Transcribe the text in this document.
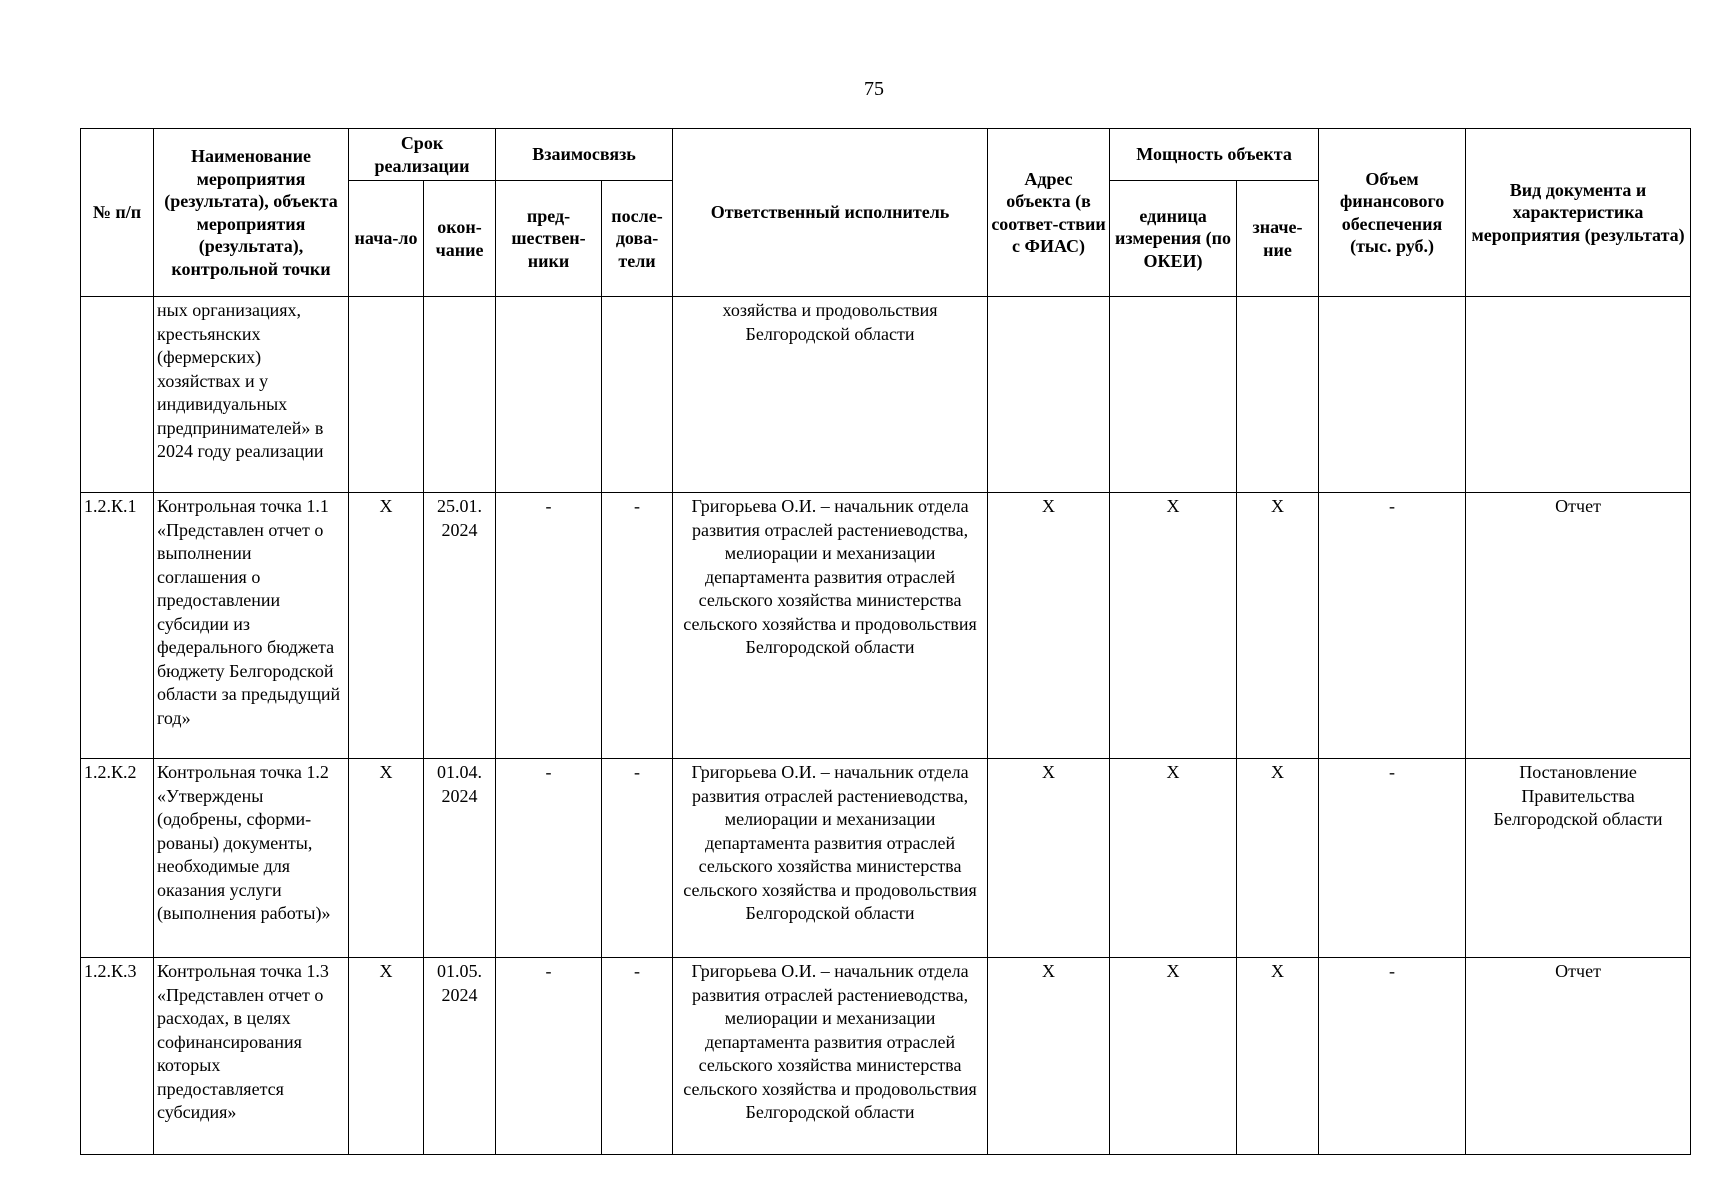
75
№ п/п	Наименование мероприятия (результата), объекта мероприятия (результата), контрольной точки	Срок реализации		Взаимосвязь		Ответственный исполнитель	Адрес объекта (в соответ-ствии с ФИАС)	Мощность объекта		Объем финансового обеспечения (тыс. руб.)	Вид документа и характеристика мероприятия (результата)
		нача-ло	окон-чание	пред-шествен-ники	после-дова-тели			единица измерения (по ОКЕИ)	значе-ние		
	ных организациях, крестьянских (фермерских) хозяйствах и у индивидуальных предпринимателей» в 2024 году реализации					хозяйства и продовольствия Белгородской области					
1.2.К.1	Контрольная точка 1.1 «Представлен отчет о выполнении соглашения о предоставлении субсидии из федерального бюджета бюджету Белгородской области за предыдущий год»	X	25.01. 2024	-	-	Григорьева О.И. – начальник отдела развития отраслей растениеводства, мелиорации и механизации департамента развития отраслей сельского хозяйства министерства сельского хозяйства и продовольствия Белгородской области	X	X	X	-	Отчет
1.2.К.2	Контрольная точка 1.2 «Утверждены (одобрены, сформи-рованы) документы, необходимые для оказания услуги (выполнения работы)»	X	01.04. 2024	-	-	Григорьева О.И. – начальник отдела развития отраслей растениеводства, мелиорации и механизации департамента развития отраслей сельского хозяйства министерства сельского хозяйства и продовольствия Белгородской области	X	X	X	-	Постановление Правительства Белгородской области
1.2.К.3	Контрольная точка 1.3 «Представлен отчет о расходах, в целях софинансирования которых предоставляется субсидия»	X	01.05. 2024	-	-	Григорьева О.И. – начальник отдела развития отраслей растениеводства, мелиорации и механизации департамента развития отраслей сельского хозяйства министерства сельского хозяйства и продовольствия Белгородской области	X	X	X	-	Отчет
